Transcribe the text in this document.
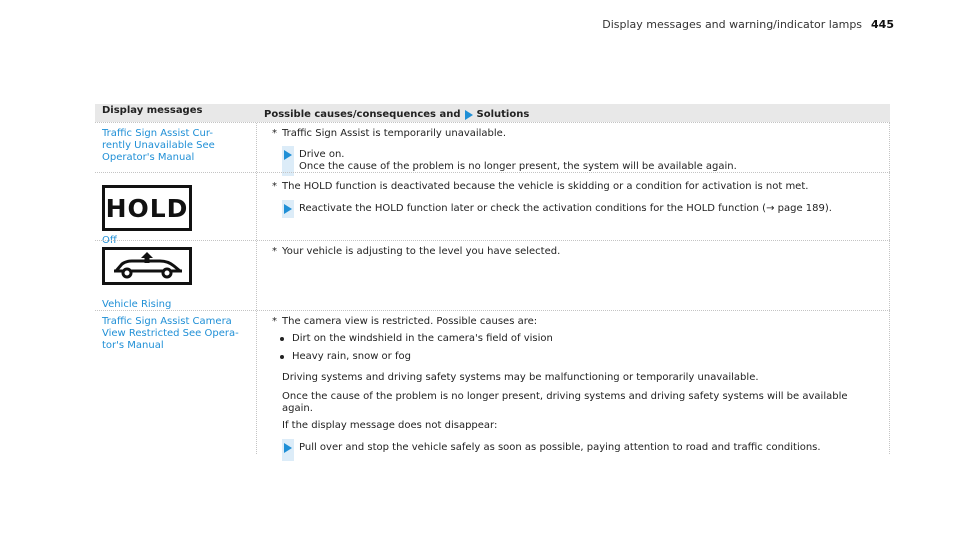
Display messages and warning/indicator lamps 445
Display messages	Possible causes/consequences and Solutions
Traffic Sign Assist Cur-
rently Unavailable See
Operator's Manual
* Traffic Sign Assist is temporarily unavailable.
Drive on.
Once the cause of the problem is no longer present, the system will be available again.
HOLD
Off
* The HOLD function is deactivated because the vehicle is skidding or a condition for activation is not met.
Reactivate the HOLD function later or check the activation conditions for the HOLD function (→ page 189).
Vehicle Rising
* Your vehicle is adjusting to the level you have selected.
Traffic Sign Assist Camera
View Restricted See Opera-
tor's Manual
* The camera view is restricted. Possible causes are:
Dirt on the windshield in the camera's field of vision
Heavy rain, snow or fog
Driving systems and driving safety systems may be malfunctioning or temporarily unavailable.
Once the cause of the problem is no longer present, driving systems and driving safety systems will be available again.
If the display message does not disappear:
Pull over and stop the vehicle safely as soon as possible, paying attention to road and traffic conditions.
